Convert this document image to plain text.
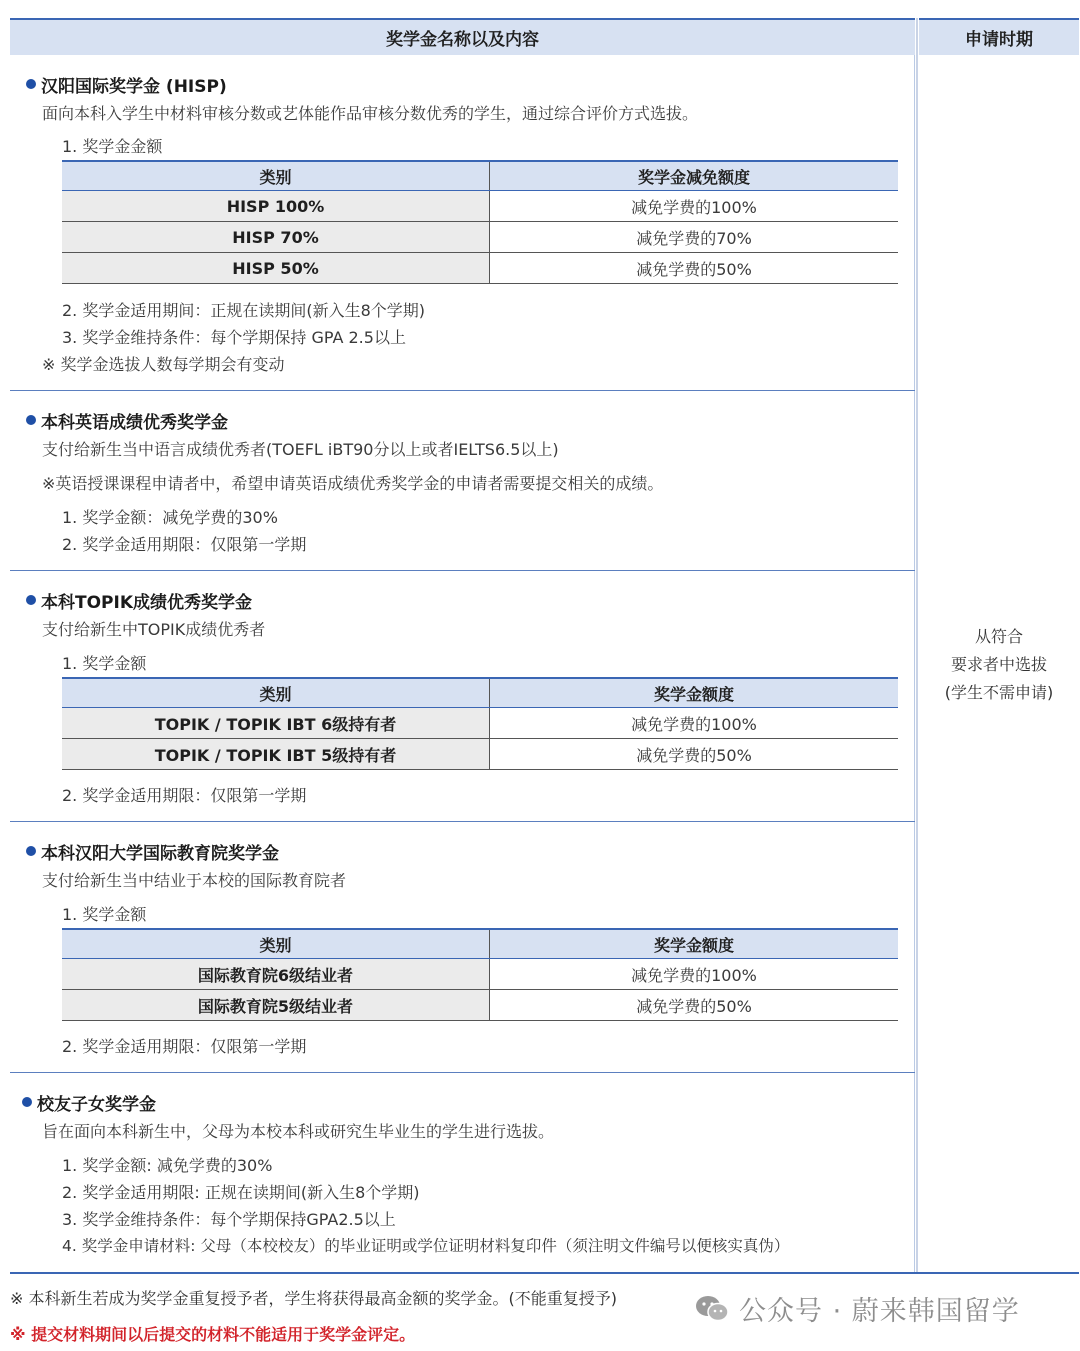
奖学金名称以及内容	申请时期
汉阳国际奖学金 (HISP)
面向本科入学生中材料审核分数或艺体能作品审核分数优秀的学生，通过综合评价方式选拔。
1. 奖学金金额
类别	奖学金减免额度
HISP 100%	减免学费的100%
HISP 70%	减免学费的70%
HISP 50%	减免学费的50%
2. 奖学金适用期间：正规在读期间(新入生8个学期)
3. 奖学金维持条件：每个学期保持 GPA 2.5以上
※ 奖学金选拔人数每学期会有变动
本科英语成绩优秀奖学金
支付给新生当中语言成绩优秀者(TOEFL iBT90分以上或者IELTS6.5以上)
※英语授课课程申请者中，希望申请英语成绩优秀奖学金的申请者需要提交相关的成绩。
1. 奖学金额：减免学费的30%
2. 奖学金适用期限：仅限第一学期
本科TOPIK成绩优秀奖学金
支付给新生中TOPIK成绩优秀者
1. 奖学金额
类别	奖学金额度
TOPIK / TOPIK IBT 6级持有者	减免学费的100%
TOPIK / TOPIK IBT 5级持有者	减免学费的50%
2. 奖学金适用期限：仅限第一学期
本科汉阳大学国际教育院奖学金
支付给新生当中结业于本校的国际教育院者
1. 奖学金额
类别	奖学金额度
国际教育院6级结业者	减免学费的100%
国际教育院5级结业者	减免学费的50%
2. 奖学金适用期限：仅限第一学期
校友子女奖学金
旨在面向本科新生中，父母为本校本科或研究生毕业生的学生进行选拔。
1. 奖学金额: 减免学费的30%
2. 奖学金适用期限: 正规在读期间(新入生8个学期)
3. 奖学金维持条件：每个学期保持GPA2.5以上
4. 奖学金申请材料: 父母（本校校友）的毕业证明或学位证明材料复印件（须注明文件编号以便核实真伪）
从符合
要求者中选拔
(学生不需申请)
※ 本科新生若成为奖学金重复授予者，学生将获得最高金额的奖学金。(不能重复授予)
※ 提交材料期间以后提交的材料不能适用于奖学金评定。
公众号 · 蔚来韩国留学
